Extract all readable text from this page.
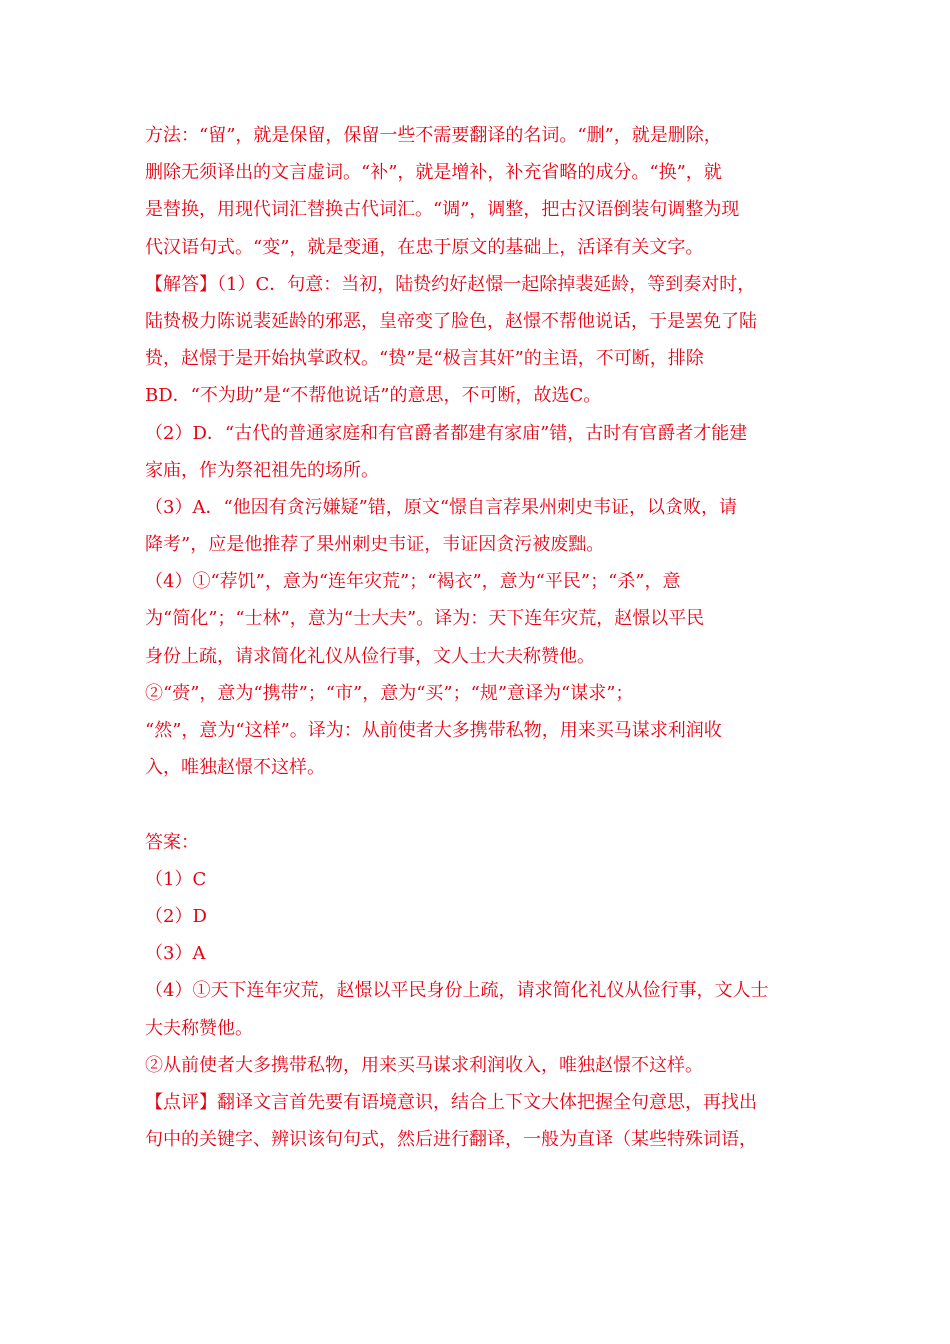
方法：“留”，就是保留，保留一些不需要翻译的名词。“删”，就是删除，
删除无须译出的文言虚词。“补”，就是增补，补充省略的成分。“换”，就
是替换，用现代词汇替换古代词汇。“调”，调整，把古汉语倒装句调整为现
代汉语句式。“变”，就是变通，在忠于原文的基础上，活译有关文字。
【解答】（1）C．句意：当初，陆贽约好赵憬一起除掉裴延龄，等到奏对时，
陆贽极力陈说裴延龄的邪恶，皇帝变了脸色，赵憬不帮他说话，于是罢免了陆
贽，赵憬于是开始执掌政权。“贽”是“极言其奸”的主语，不可断，排除
BD．“不为助”是“不帮他说话”的意思，不可断，故选C。
（2）D．“古代的普通家庭和有官爵者都建有家庙”错，古时有官爵者才能建
家庙，作为祭祀祖先的场所。
（3）A．“他因有贪污嫌疑”错，原文“憬自言荐果州刺史韦证，以贪败，请
降考”，应是他推荐了果州刺史韦证，韦证因贪污被废黜。
（4）①“荐饥”，意为“连年灾荒”；“褐衣”，意为“平民”；“杀”，意
为“简化”；“士林”，意为“士大夫”。译为：天下连年灾荒，赵憬以平民
身份上疏，请求简化礼仪从俭行事，文人士大夫称赞他。
②“赍”，意为“携带”；“市”，意为“买”；“规”意译为“谋求”；
“然”，意为“这样”。译为：从前使者大多携带私物，用来买马谋求利润收
入，唯独赵憬不这样。
答案：
（1）C
（2）D
（3）A
（4）①天下连年灾荒，赵憬以平民身份上疏，请求简化礼仪从俭行事，文人士
大夫称赞他。
②从前使者大多携带私物，用来买马谋求利润收入，唯独赵憬不这样。
【点评】翻译文言首先要有语境意识，结合上下文大体把握全句意思，再找出
句中的关键字、辨识该句句式，然后进行翻译，一般为直译（某些特殊词语，
